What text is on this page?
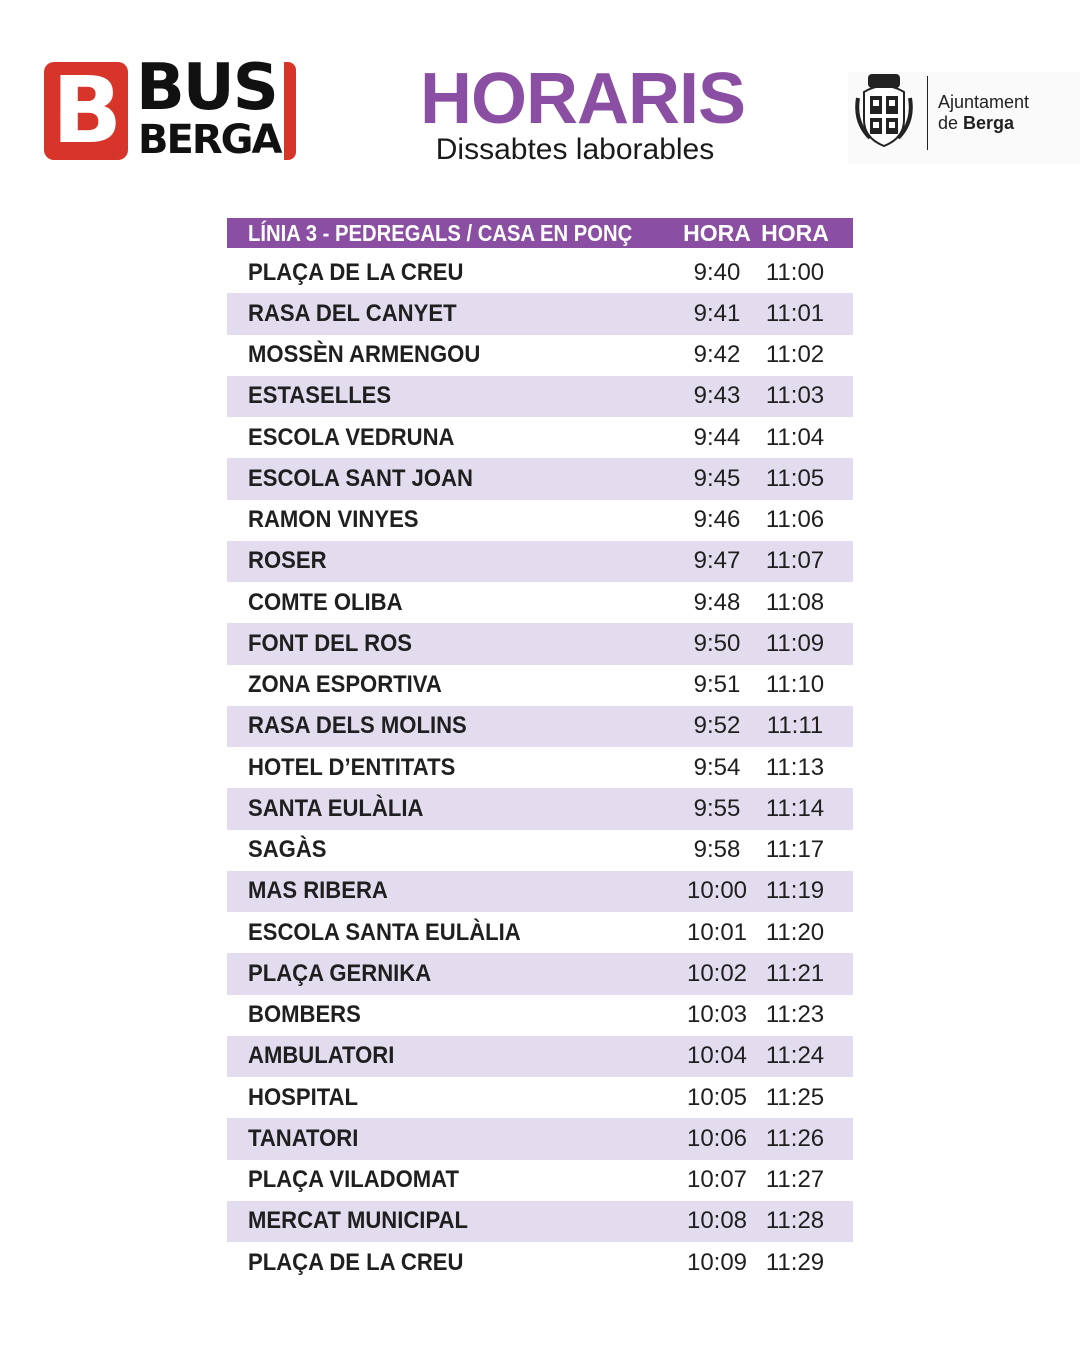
B BUS
BERGA
HORARIS
Dissabtes laborables
Ajuntament
de Berga
LÍNIA 3 - PEDREGALS / CASA EN PONÇ HORA HORA
PLAÇA DE LA CREU	9:40	11:00
RASA DEL CANYET	9:41	11:01
MOSSÈN ARMENGOU	9:42	11:02
ESTASELLES	9:43	11:03
ESCOLA VEDRUNA	9:44	11:04
ESCOLA SANT JOAN	9:45	11:05
RAMON VINYES	9:46	11:06
ROSER	9:47	11:07
COMTE OLIBA	9:48	11:08
FONT DEL ROS	9:50	11:09
ZONA ESPORTIVA	9:51	11:10
RASA DELS MOLINS	9:52	11:11
HOTEL D’ENTITATS	9:54	11:13
SANTA EULÀLIA	9:55	11:14
SAGÀS	9:58	11:17
MAS RIBERA	10:00 11:19
ESCOLA SANTA EULÀLIA	10:01 11:20
PLAÇA GERNIKA	10:02 11:21
BOMBERS	10:03 11:23
AMBULATORI	10:04 11:24
HOSPITAL	10:05 11:25
TANATORI	10:06 11:26
PLAÇA VILADOMAT	10:07 11:27
MERCAT MUNICIPAL	10:08 11:28
PLAÇA DE LA CREU	10:09 11:29
